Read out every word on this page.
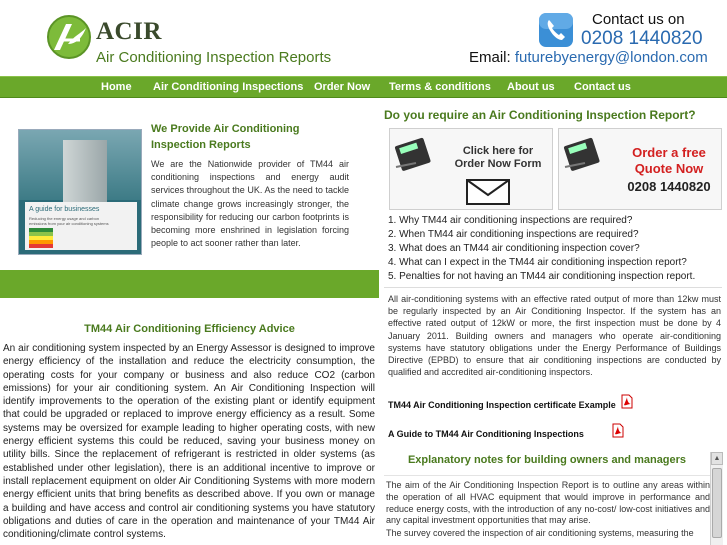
ACIR
Air Conditioning Inspection Reports
Contact us on
0208 1440820
Email: futurebyenergy@london.com
Home Air Conditioning Inspections Order Now Terms & conditions About us Contact us
A guide for businesses
Reducing the energy usage and carbon emissions from your air conditioning systems
We Provide Air Conditioning Inspection Reports
We are the Nationwide provider of TM44 air conditioning inspections and energy audit services throughout the UK. As the need to tackle climate change grows increasingly stronger, the responsibility for reducing our carbon footprints is becoming more enshrined in legislation forcing people to act sooner rather than later.
TM44 Air Conditioning Efficiency Advice
An air conditioning system inspected by an Energy Assessor is designed to improve energy efficiency of the installation and reduce the electricity consumption, the operating costs for your company or business and also reduce CO2 (carbon emissions) for your air conditioning system. An Air Conditioning Inspection will identify improvements to the operation of the existing plant or identify equipment that could be upgraded or replaced to improve energy efficiency as a result. Some systems may be oversized for example leading to higher operating costs, with new energy efficient systems this could be reduced, saving your business money on utility bills. Since the replacement of refrigerant is restricted in older systems (as established under other legislation), there is an additional incentive to improve or install replacement equipment on older Air Conditioning Systems with more modern energy efficient units that bring benefits as described above. If you own or manage a building and have access and control air conditioning systems you have statutory obligations and duties of care in the operation and maintenance of your TM44 Air conditioning/climate control systems.
Do you require an Air Conditioning Inspection Report?
Click here for Order Now Form
Order a free
Quote Now
0208 1440820
1. Why TM44 air conditioning inspections are required?
2. When TM44 air conditioning inspections are required?
3. What does an TM44 air conditioning inspection cover?
4. What can I expect in the TM44 air conditioning inspection report?
5. Penalties for not having an TM44 air conditioning inspection report.
All air-conditioning systems with an effective rated output of more than 12kw must be regularly inspected by an Air Conditioning Inspector. If the system has an effective rated output of 12kW or more, the first inspection must be done by 4 January 2011. Building owners and managers who operate air-conditioning systems have statutory obligations under the Energy Performance of Buildings Directive (EPBD) to ensure that air conditioning inspections are conducted by qualified and accredited air-conditioning inspectors.
TM44 Air Conditioning Inspection certificate Example
A Guide to TM44 Air Conditioning Inspections
Explanatory notes for building owners and managers
The aim of the Air Conditioning Inspection Report is to outline any areas within the operation of all HVAC equipment that would improve in performance and reduce energy costs, with the introduction of any no-cost/ low-cost initiatives and any capital investment opportunities that may arise.
The survey covered the inspection of air conditioning systems, measuring the
▲
